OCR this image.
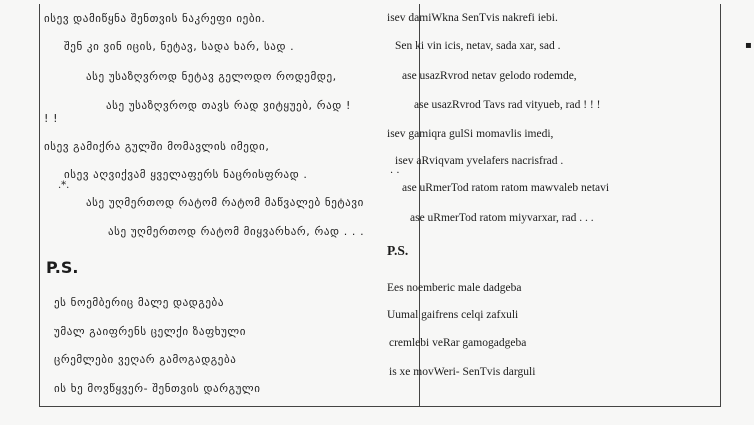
ისევ დამიწყნა შენთვის ნაკრეფი იები.
შენ კი ვინ იცის, ნეტავ, სადა ხარ, სად .
ასე უსაზღვროდ ნეტავ გელოდო როდემდე,
ასე უსაზღვროდ თავს რად ვიტყუებ, რად !
! !
ისევ გამიქრა გულში მომავლის იმედი,
ისევ აღვიქვამ ყველაფერს ნაცრისფრად .
.*.
ასე უღმერთოდ რატომ რატომ მაწვალებ ნეტავი
ასე უღმერთოდ რატომ მიყვარხარ, რად . . .
P.S.
ეს ნოემბერიც მალე დადგება
უმალ გაიფრენს ცელქი ზაფხული
ცრემლები ვეღარ გამოგადგება
ის ხე მოვწყვერ- შენთვის დარგული
isev damiWkna SenTvis nakrefi iebi.
Sen ki vin icis, netav, sada xar, sad .
ase usazRvrod netav gelodo rodemde,
ase usazRvrod Tavs rad vityueb, rad ! ! !
isev gamiqra gulSi momavlis imedi,
isev aRviqvam yvelafers nacrisfrad .
· ·
ase uRmerTod ratom ratom mawvaleb netavi
ase uRmerTod ratom miyvarxar, rad . . .
P.S.
Ees noemberic male dadgeba
Uumal gaifrens celqi zafxuli
cremlebi veRar gamogadgeba
is xe movWeri- SenTvis darguli
▪
